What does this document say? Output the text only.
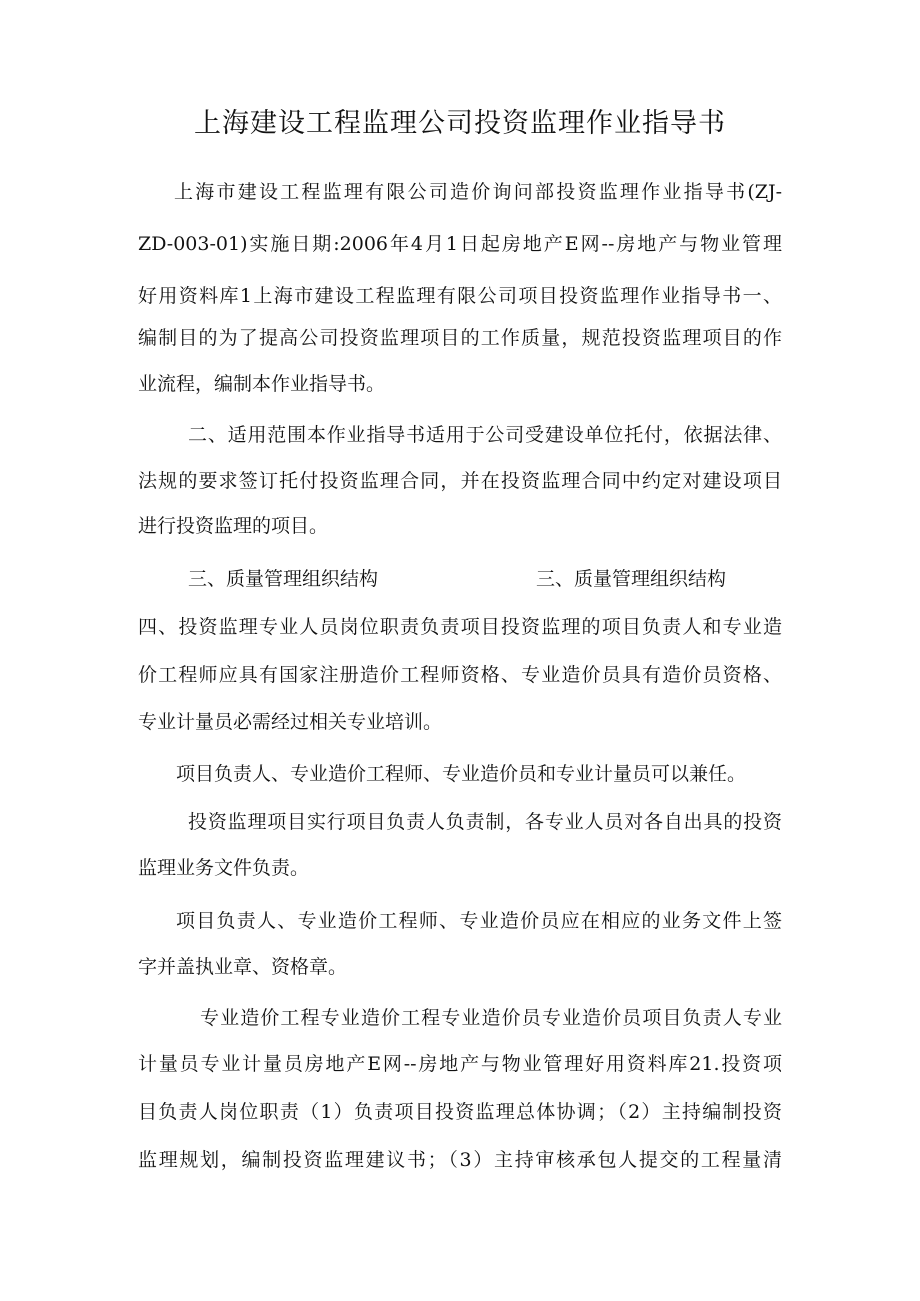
上海建设工程监理公司投资监理作业指导书
上海市建设工程监理有限公司造价询问部投资监理作业指导书(ZJ-
ZD-003-01)实施日期:2006年4月1日起房地产E网--房地产与物业管理
好用资料库1上海市建设工程监理有限公司项目投资监理作业指导书一、
编制目的为了提高公司投资监理项目的工作质量，规范投资监理项目的作
业流程，编制本作业指导书。
二、适用范围本作业指导书适用于公司受建设单位托付，依据法律、
法规的要求签订托付投资监理合同，并在投资监理合同中约定对建设项目
进行投资监理的项目。
三、质量管理组织结构	三、质量管理组织结构
四、投资监理专业人员岗位职责负责项目投资监理的项目负责人和专业造
价工程师应具有国家注册造价工程师资格、专业造价员具有造价员资格、
专业计量员必需经过相关专业培训。
项目负责人、专业造价工程师、专业造价员和专业计量员可以兼任。
投资监理项目实行项目负责人负责制，各专业人员对各自出具的投资
监理业务文件负责。
项目负责人、专业造价工程师、专业造价员应在相应的业务文件上签
字并盖执业章、资格章。
专业造价工程专业造价工程专业造价员专业造价员项目负责人专业
计量员专业计量员房地产E网--房地产与物业管理好用资料库21.投资项
目负责人岗位职责（1）负责项目投资监理总体协调；（2）主持编制投资
监理规划，编制投资监理建议书；（3）主持审核承包人提交的工程量清
